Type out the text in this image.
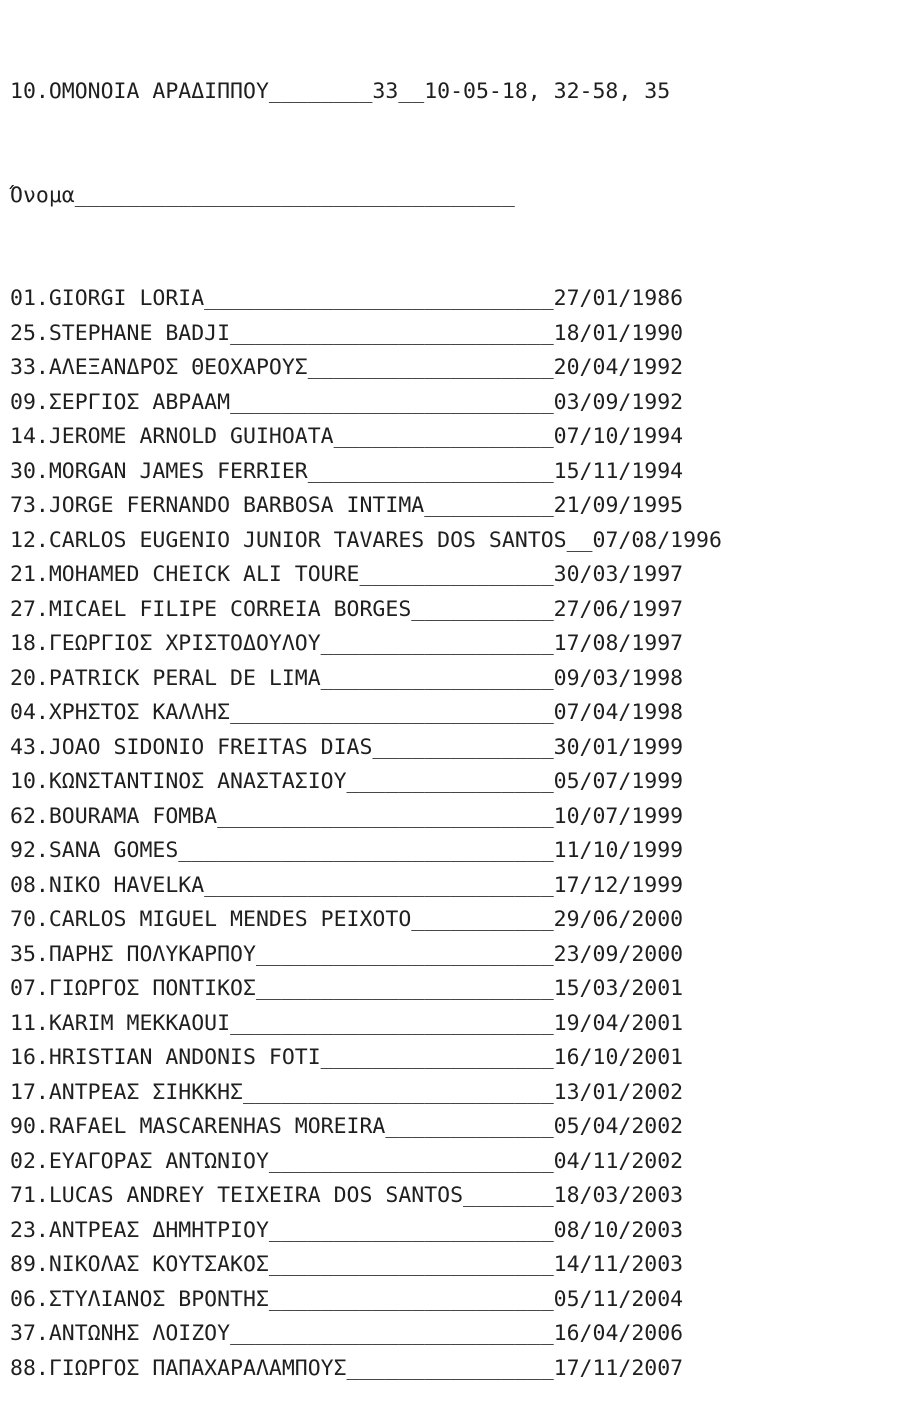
10.ΟΜΟΝΟΙΑ ΑΡΑΔΙΠΠΟΥ________33__10-05-18, 32-58, 35

Όνομα__________________________________

01.GIORGI LORIA___________________________27/01/1986
25.STEPHANE BADJI_________________________18/01/1990
33.ΑΛΕΞΑΝΔΡΟΣ ΘΕΟΧΑΡΟΥΣ___________________20/04/1992
09.ΣΕΡΓΙΟΣ ΑΒΡΑΑΜ_________________________03/09/1992
14.JEROME ARNOLD GUIHOATA_________________07/10/1994
30.MORGAN JAMES FERRIER___________________15/11/1994
73.JORGE FERNANDO BARBOSA INTIMA__________21/09/1995
12.CARLOS EUGENIO JUNIOR TAVARES DOS SANTOS__07/08/1996
21.MOHAMED CHEICK ALI TOURE_______________30/03/1997
27.MICAEL FILIPE CORREIA BORGES___________27/06/1997
18.ΓΕΩΡΓΙΟΣ ΧΡΙΣΤΟΔΟΥΛΟΥ__________________17/08/1997
20.PATRICK PERAL DE LIMA__________________09/03/1998
04.ΧΡΗΣΤΟΣ ΚΑΛΛΗΣ_________________________07/04/1998
43.JOAO SIDONIO FREITAS DIAS______________30/01/1999
10.ΚΩΝΣΤΑΝΤΙΝΟΣ ΑΝΑΣΤΑΣΙΟΥ________________05/07/1999
62.BOURAMA FOMBA__________________________10/07/1999
92.SANA GOMES_____________________________11/10/1999
08.NIKO HAVELKA___________________________17/12/1999
70.CARLOS MIGUEL MENDES PEIXOTO___________29/06/2000
35.ΠΑΡΗΣ ΠΟΛΥΚΑΡΠΟΥ_______________________23/09/2000
07.ΓΙΩΡΓΟΣ ΠΟΝΤΙΚΟΣ_______________________15/03/2001
11.KARIM MEKKAOUI_________________________19/04/2001
16.HRISTIAN ANDONIS FOTI__________________16/10/2001
17.ΑΝΤΡΕΑΣ ΣΙΗΚΚΗΣ________________________13/01/2002
90.RAFAEL MASCARENHAS MOREIRA_____________05/04/2002
02.ΕΥΑΓΟΡΑΣ ΑΝΤΩΝΙΟΥ______________________04/11/2002
71.LUCAS ANDREY TEIXEIRA DOS SANTOS_______18/03/2003
23.ΑΝΤΡΕΑΣ ΔΗΜΗΤΡΙΟΥ______________________08/10/2003
89.ΝΙΚΟΛΑΣ ΚΟΥΤΣΑΚΟΣ______________________14/11/2003
06.ΣΤΥΛΙΑΝΟΣ ΒΡΟΝΤΗΣ______________________05/11/2004
37.ΑΝΤΩΝΗΣ ΛΟΙΖΟΥ_________________________16/04/2006
88.ΓΙΩΡΓΟΣ ΠΑΠΑΧΑΡΑΛΑΜΠΟΥΣ________________17/11/2007
